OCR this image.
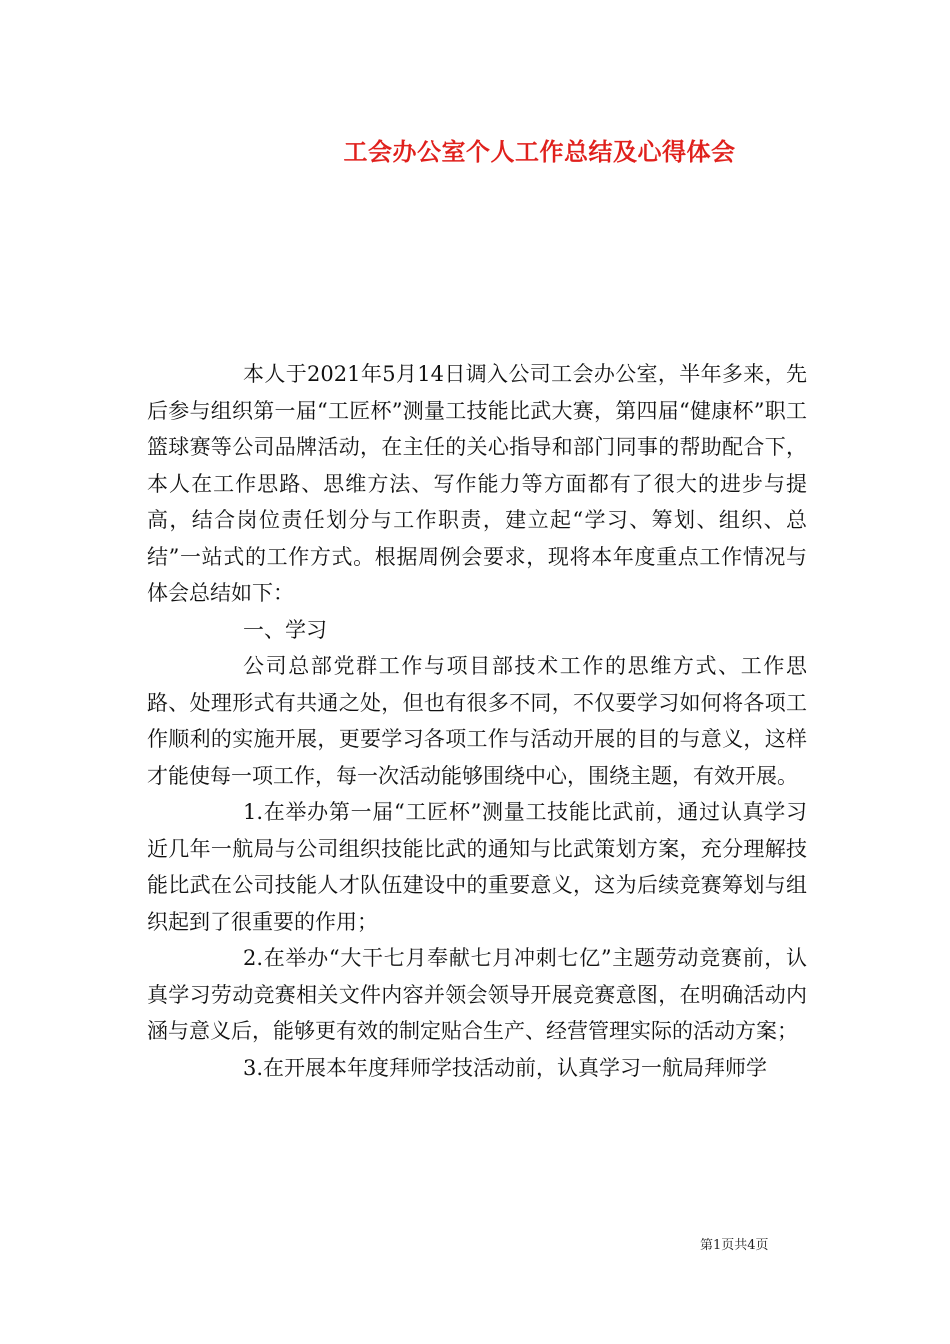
工会办公室个人工作总结及心得体会

本人于2021年5月14日调入公司工会办公室，半年多来，先后参与组织第一届“工匠杯”测量工技能比武大赛，第四届“健康杯”职工篮球赛等公司品牌活动，在主任的关心指导和部门同事的帮助配合下，本人在工作思路、思维方法、写作能力等方面都有了很大的进步与提高，结合岗位责任划分与工作职责，建立起“学习、筹划、组织、总结”一站式的工作方式。根据周例会要求，现将本年度重点工作情况与体会总结如下：

一、学习

公司总部党群工作与项目部技术工作的思维方式、工作思路、处理形式有共通之处，但也有很多不同，不仅要学习如何将各项工作顺利的实施开展，更要学习各项工作与活动开展的目的与意义，这样才能使每一项工作，每一次活动能够围绕中心，围绕主题，有效开展。

1.在举办第一届“工匠杯”测量工技能比武前，通过认真学习近几年一航局与公司组织技能比武的通知与比武策划方案，充分理解技能比武在公司技能人才队伍建设中的重要意义，这为后续竞赛筹划与组织起到了很重要的作用；

2.在举办“大干七月奉献七月冲刺七亿”主题劳动竞赛前，认真学习劳动竞赛相关文件内容并领会领导开展竞赛意图，在明确活动内涵与意义后，能够更有效的制定贴合生产、经营管理实际的活动方案；

3.在开展本年度拜师学技活动前，认真学习一航局拜师学

第1页共4页
